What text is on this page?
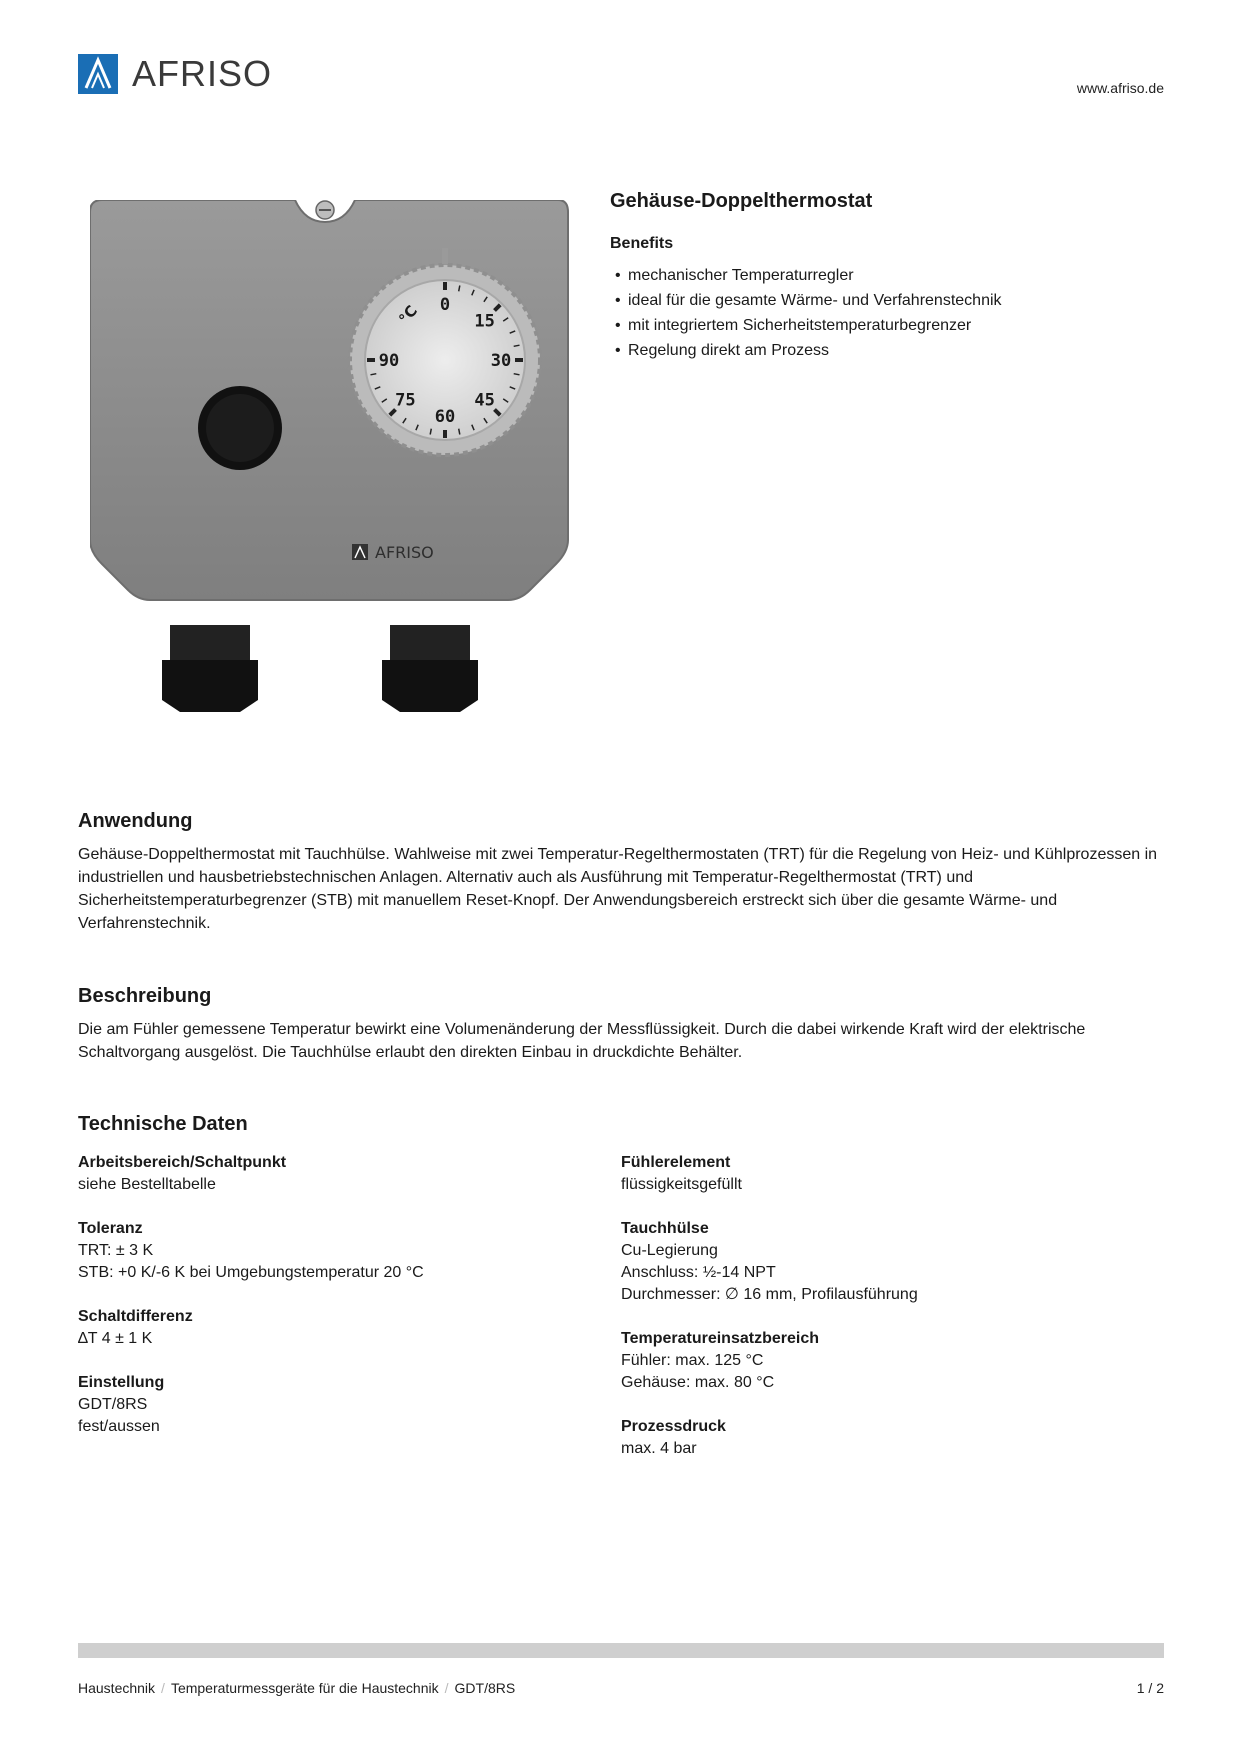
AFRISO	www.afriso.de
0
15
30
45
60
75
90
°C
AFRISO
Gehäuse-Doppelthermostat
Benefits
• mechanischer Temperaturregler
• ideal für die gesamte Wärme- und Verfahrenstechnik
• mit integriertem Sicherheitstemperaturbegrenzer
• Regelung direkt am Prozess
Anwendung

Gehäuse-Doppelthermostat mit Tauchhülse. Wahlweise mit zwei Temperatur-Regelthermostaten (TRT) für die Regelung von Heiz- und Kühlprozessen in industriellen und hausbetriebstechnischen Anlagen. Alternativ auch als Ausführung mit Temperatur-Regelthermostat (TRT) und Sicherheitstemperaturbegrenzer (STB) mit manuellem Reset-Knopf. Der Anwendungsbereich erstreckt sich über die gesamte Wärme- und Verfahrenstechnik.

Beschreibung

Die am Fühler gemessene Temperatur bewirkt eine Volumenänderung der Messflüssigkeit. Durch die dabei wirkende Kraft wird der elektrische Schaltvorgang ausgelöst. Die Tauchhülse erlaubt den direkten Einbau in druckdichte Behälter.

Technische Daten
Arbeitsbereich/Schaltpunkt
siehe Bestelltabelle
Toleranz
TRT: ± 3 K
STB: +0 K/-6 K bei Umgebungstemperatur 20 °C
Schaltdifferenz
∆T 4 ± 1 K
Einstellung
GDT/8RS
fest/aussen
Fühlerelement
flüssigkeitsgefüllt
Tauchhülse
Cu-Legierung
Anschluss: ½-14 NPT
Durchmesser: ∅ 16 mm, Profilausführung
Temperatureinsatzbereich
Fühler: max. 125 °C
Gehäuse: max. 80 °C
Prozessdruck
max. 4 bar
Haustechnik / Temperaturmessgeräte für die Haustechnik / GDT/8RS	1 / 2
